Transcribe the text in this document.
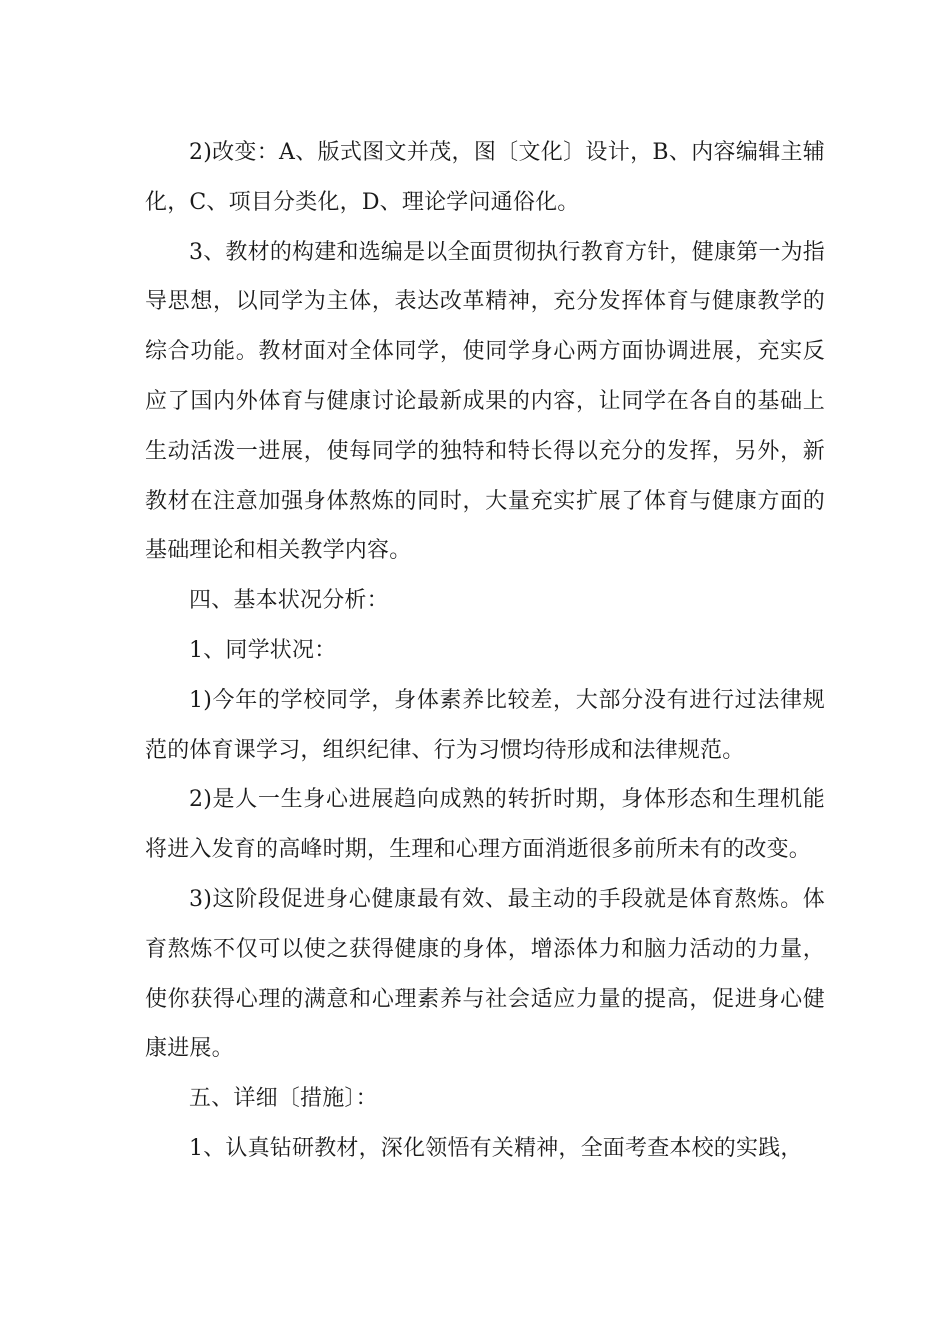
2)改变：A、版式图文并茂，图〔文化〕设计，B、内容编辑主辅化，C、项目分类化，D、理论学问通俗化。

3、教材的构建和选编是以全面贯彻执行教育方针，健康第一为指导思想，以同学为主体，表达改革精神，充分发挥体育与健康教学的综合功能。教材面对全体同学，使同学身心两方面协调进展，充实反应了国内外体育与健康讨论最新成果的内容，让同学在各自的基础上生动活泼一进展，使每同学的独特和特长得以充分的发挥，另外，新教材在注意加强身体熬炼的同时，大量充实扩展了体育与健康方面的基础理论和相关教学内容。

四、基本状况分析：

1、同学状况：

1)今年的学校同学，身体素养比较差，大部分没有进行过法律规范的体育课学习，组织纪律、行为习惯均待形成和法律规范。

2)是人一生身心进展趋向成熟的转折时期，身体形态和生理机能将进入发育的高峰时期，生理和心理方面消逝很多前所未有的改变。

3)这阶段促进身心健康最有效、最主动的手段就是体育熬炼。体育熬炼不仅可以使之获得健康的身体，增添体力和脑力活动的力量，使你获得心理的满意和心理素养与社会适应力量的提高，促进身心健康进展。

五、详细〔措施〕：

1、认真钻研教材，深化领悟有关精神，全面考查本校的实践，
